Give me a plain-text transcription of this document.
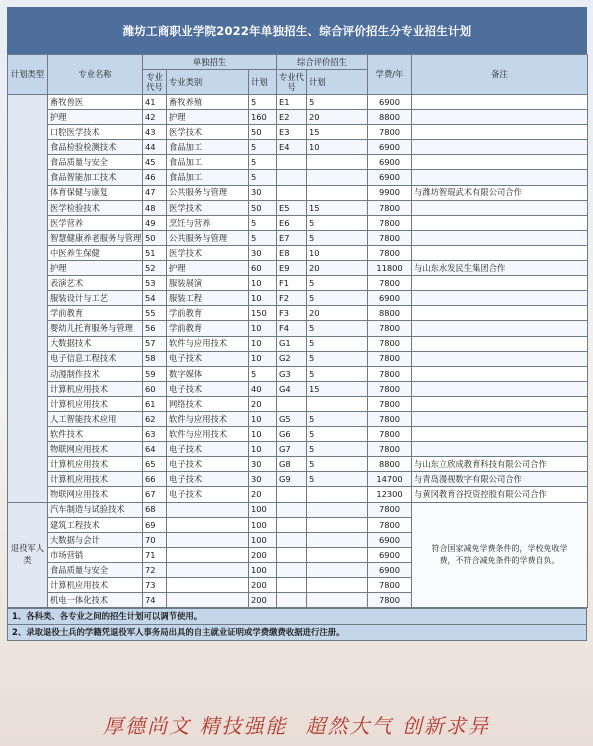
潍坊工商职业学院2022年单独招生、综合评价招生分专业招生计划
计划类型	专业名称	单独招生			综合评价招生		学费/年	备注
		专业代号	专业类别	计划	专业代号	计划		
	畜牧兽医	41	畜牧养殖	5	E1	5	6900	
	护理	42	护理	160	E2	20	8800	
	口腔医学技术	43	医学技术	50	E3	15	7800	
	食品检验检测技术	44	食品加工	5	E4	10	6900	
	食品质量与安全	45	食品加工	5			6900	
	食品智能加工技术	46	食品加工	5			6900	
	体育保健与康复	47	公共服务与管理	30			9900	与潍坊智琨武术有限公司合作
	医学检验技术	48	医学技术	50	E5	15	7800	
	医学营养	49	烹饪与营养	5	E6	5	7800	
	智慧健康养老服务与管理	50	公共服务与管理	5	E7	5	7800	
	中医养生保健	51	医学技术	30	E8	10	7800	
	护理	52	护理	60	E9	20	11800	与山东水发民生集团合作
	表演艺术	53	服装展演	10	F1	5	7800	
	服装设计与工艺	54	服装工程	10	F2	5	6900	
	学前教育	55	学前教育	150	F3	20	8800	
	婴幼儿托育服务与管理	56	学前教育	10	F4	5	7800	
	大数据技术	57	软件与应用技术	10	G1	5	7800	
	电子信息工程技术	58	电子技术	10	G2	5	7800	
	动漫制作技术	59	数字媒体	5	G3	5	7800	
	计算机应用技术	60	电子技术	40	G4	15	7800	
	计算机应用技术	61	网络技术	20			7800	
	人工智能技术应用	62	软件与应用技术	10	G5	5	7800	
	软件技术	63	软件与应用技术	10	G6	5	7800	
	物联网应用技术	64	电子技术	10	G7	5	7800	
	计算机应用技术	65	电子技术	30	G8	5	8800	与山东立欣成教育科技有限公司合作
	计算机应用技术	66	电子技术	30	G9	5	14700	与青岛漫视数字有限公司合作
	物联网应用技术	67	电子技术	20			12300	与黄冈教育谷投资控股有限公司合作
退役军人类	汽车制造与试验技术	68		100			7800	符合国家减免学费条件的，学校免收学费，不符合减免条件的学费自负。
	建筑工程技术	69		100			7800	
	大数据与会计	70		100			6900	
	市场营销	71		200			6900	
	食品质量与安全	72		100			6900	
	计算机应用技术	73		200			7800	
	机电一体化技术	74		200			7800	
1、各科类、各专业之间的招生计划可以调节使用。
2、录取退役士兵的学籍凭退役军人事务局出具的自主就业证明或学费缴费收据进行注册。
厚德尚文 精技强能 超然大气 创新求异
